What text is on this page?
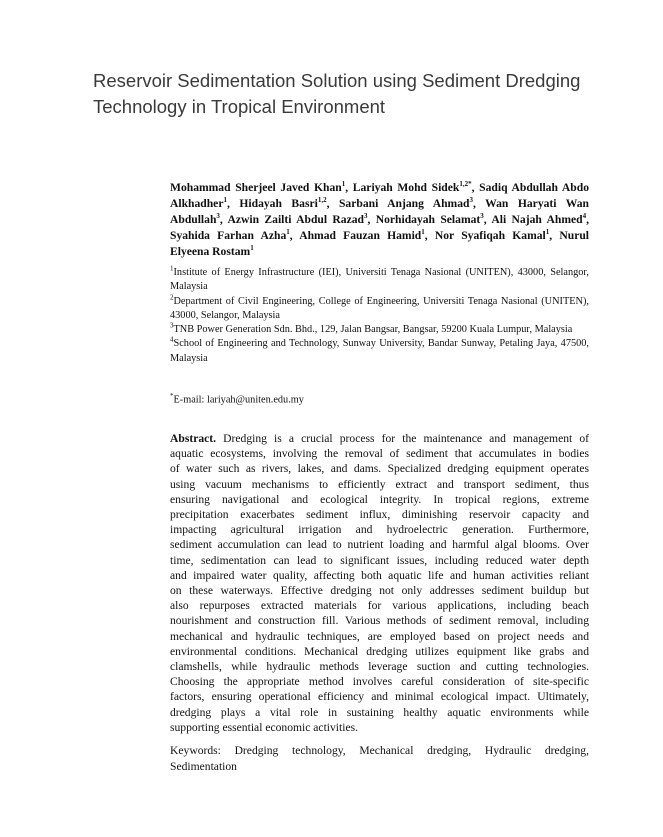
Reservoir Sedimentation Solution using Sediment Dredging Technology in Tropical Environment
Mohammad Sherjeel Javed Khan$^1$, Lariyah Mohd Sidek$^{1,2*}$, Sadiq Abdullah Abdo Alkhadher$^1$, Hidayah Basri$^{1,2}$, Sarbani Anjang Ahmad$^3$, Wan Haryati Wan Abdullah$^3$, Azwin Zailti Abdul Razad$^3$, Norhidayah Selamat$^3$, Ali Najah Ahmed$^4$, Syahida Farhan Azha$^1$, Ahmad Fauzan Hamid$^1$, Nor Syafiqah Kamal$^1$, Nurul Elyeena Rostam$^1$
$^1$Institute of Energy Infrastructure (IEI), Universiti Tenaga Nasional (UNITEN), 43000, Selangor, Malaysia
$^2$Department of Civil Engineering, College of Engineering, Universiti Tenaga Nasional (UNITEN), 43000, Selangor, Malaysia
$^3$TNB Power Generation Sdn. Bhd., 129, Jalan Bangsar, Bangsar, 59200 Kuala Lumpur, Malaysia
$^4$School of Engineering and Technology, Sunway University, Bandar Sunway, Petaling Jaya, 47500, Malaysia
*E-mail: lariyah@uniten.edu.my
Abstract. Dredging is a crucial process for the maintenance and management of
aquatic ecosystems, involving the removal of sediment that accumulates in bodies
of water such as rivers, lakes, and dams. Specialized dredging equipment operates
using vacuum mechanisms to efficiently extract and transport sediment, thus
ensuring navigational and ecological integrity. In tropical regions, extreme
precipitation exacerbates sediment influx, diminishing reservoir capacity and
impacting agricultural irrigation and hydroelectric generation. Furthermore,
sediment accumulation can lead to nutrient loading and harmful algal blooms. Over
time, sedimentation can lead to significant issues, including reduced water depth
and impaired water quality, affecting both aquatic life and human activities reliant
on these waterways. Effective dredging not only addresses sediment buildup but
also repurposes extracted materials for various applications, including beach
nourishment and construction fill. Various methods of sediment removal, including
mechanical and hydraulic techniques, are employed based on project needs and
environmental conditions. Mechanical dredging utilizes equipment like grabs and
clamshells, while hydraulic methods leverage suction and cutting technologies.
Choosing the appropriate method involves careful consideration of site-specific
factors, ensuring operational efficiency and minimal ecological impact. Ultimately,
dredging plays a vital role in sustaining healthy aquatic environments while
supporting essential economic activities.
Keywords: Dredging technology, Mechanical dredging, Hydraulic dredging, Sedimentation
